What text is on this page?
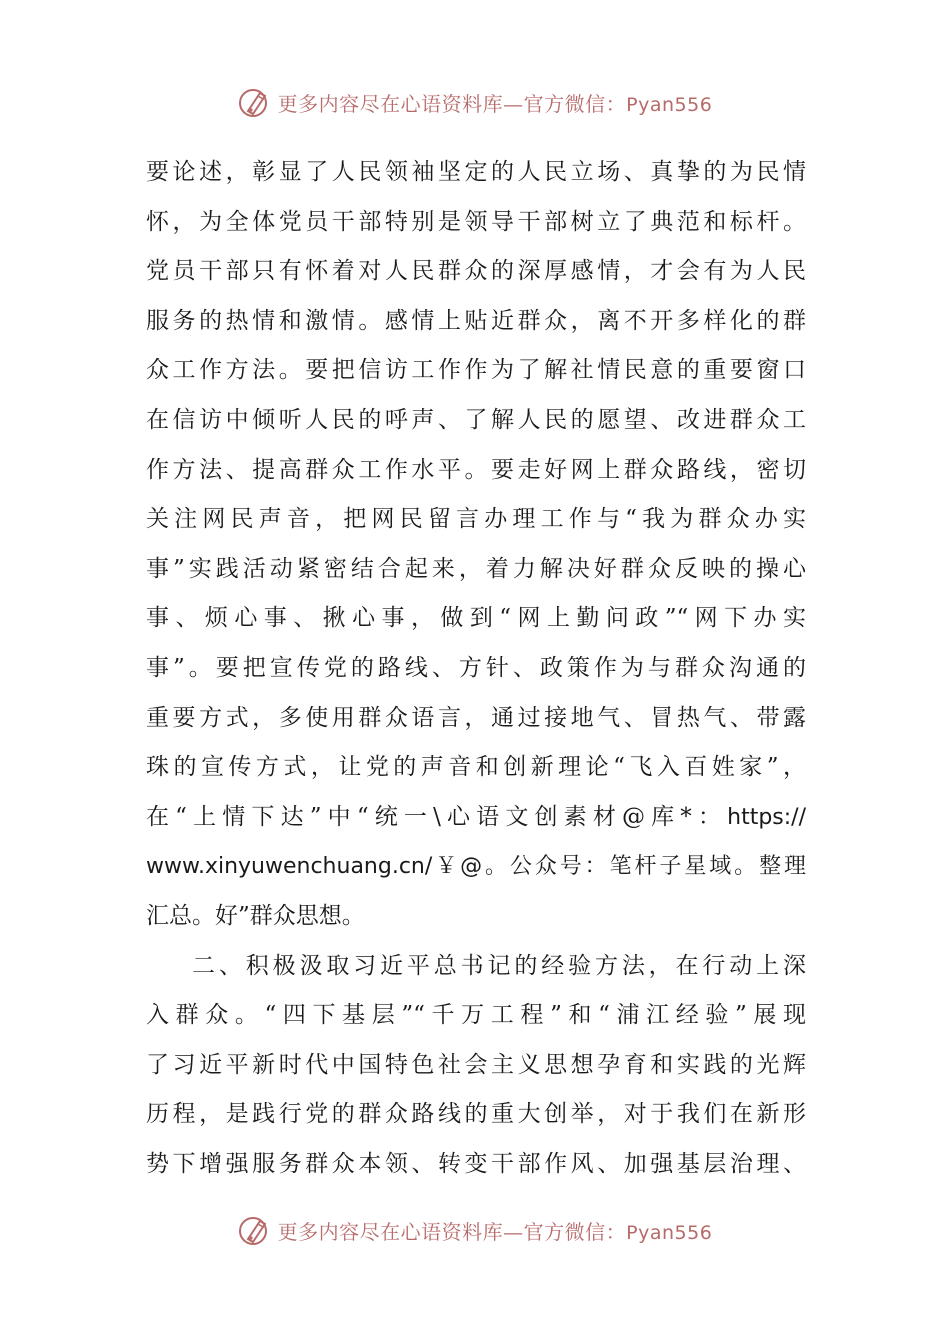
更多内容尽在心语资料库—官方微信：Pyan556
要论述，彰显了人民领袖坚定的人民立场、真挚的为民情
怀，为全体党员干部特别是领导干部树立了典范和标杆。
党员干部只有怀着对人民群众的深厚感情，才会有为人民
服务的热情和激情。感情上贴近群众，离不开多样化的群
众工作方法。要把信访工作作为了解社情民意的重要窗口
在信访中倾听人民的呼声、了解人民的愿望、改进群众工
作方法、提高群众工作水平。要走好网上群众路线，密切
关注网民声音，把网民留言办理工作与“我为群众办实
事”实践活动紧密结合起来，着力解决好群众反映的操心
事、烦心事、揪心事，做到“网上勤问政”“网下办实
事”。要把宣传党的路线、方针、政策作为与群众沟通的
重要方式，多使用群众语言，通过接地气、冒热气、带露
珠的宣传方式，让党的声音和创新理论“飞入百姓家”，
在“上情下达”中“统一\心语文创素材@库*：https://
www.xinyuwenchuang.cn/￥@。公众号：笔杆子星域。整理
汇总。好”群众思想。
二、积极汲取习近平总书记的经验方法，在行动上深
入群众。“四下基层”“千万工程”和“浦江经验”展现
了习近平新时代中国特色社会主义思想孕育和实践的光辉
历程，是践行党的群众路线的重大创举，对于我们在新形
势下增强服务群众本领、转变干部作风、加强基层治理、
更多内容尽在心语资料库—官方微信：Pyan556
